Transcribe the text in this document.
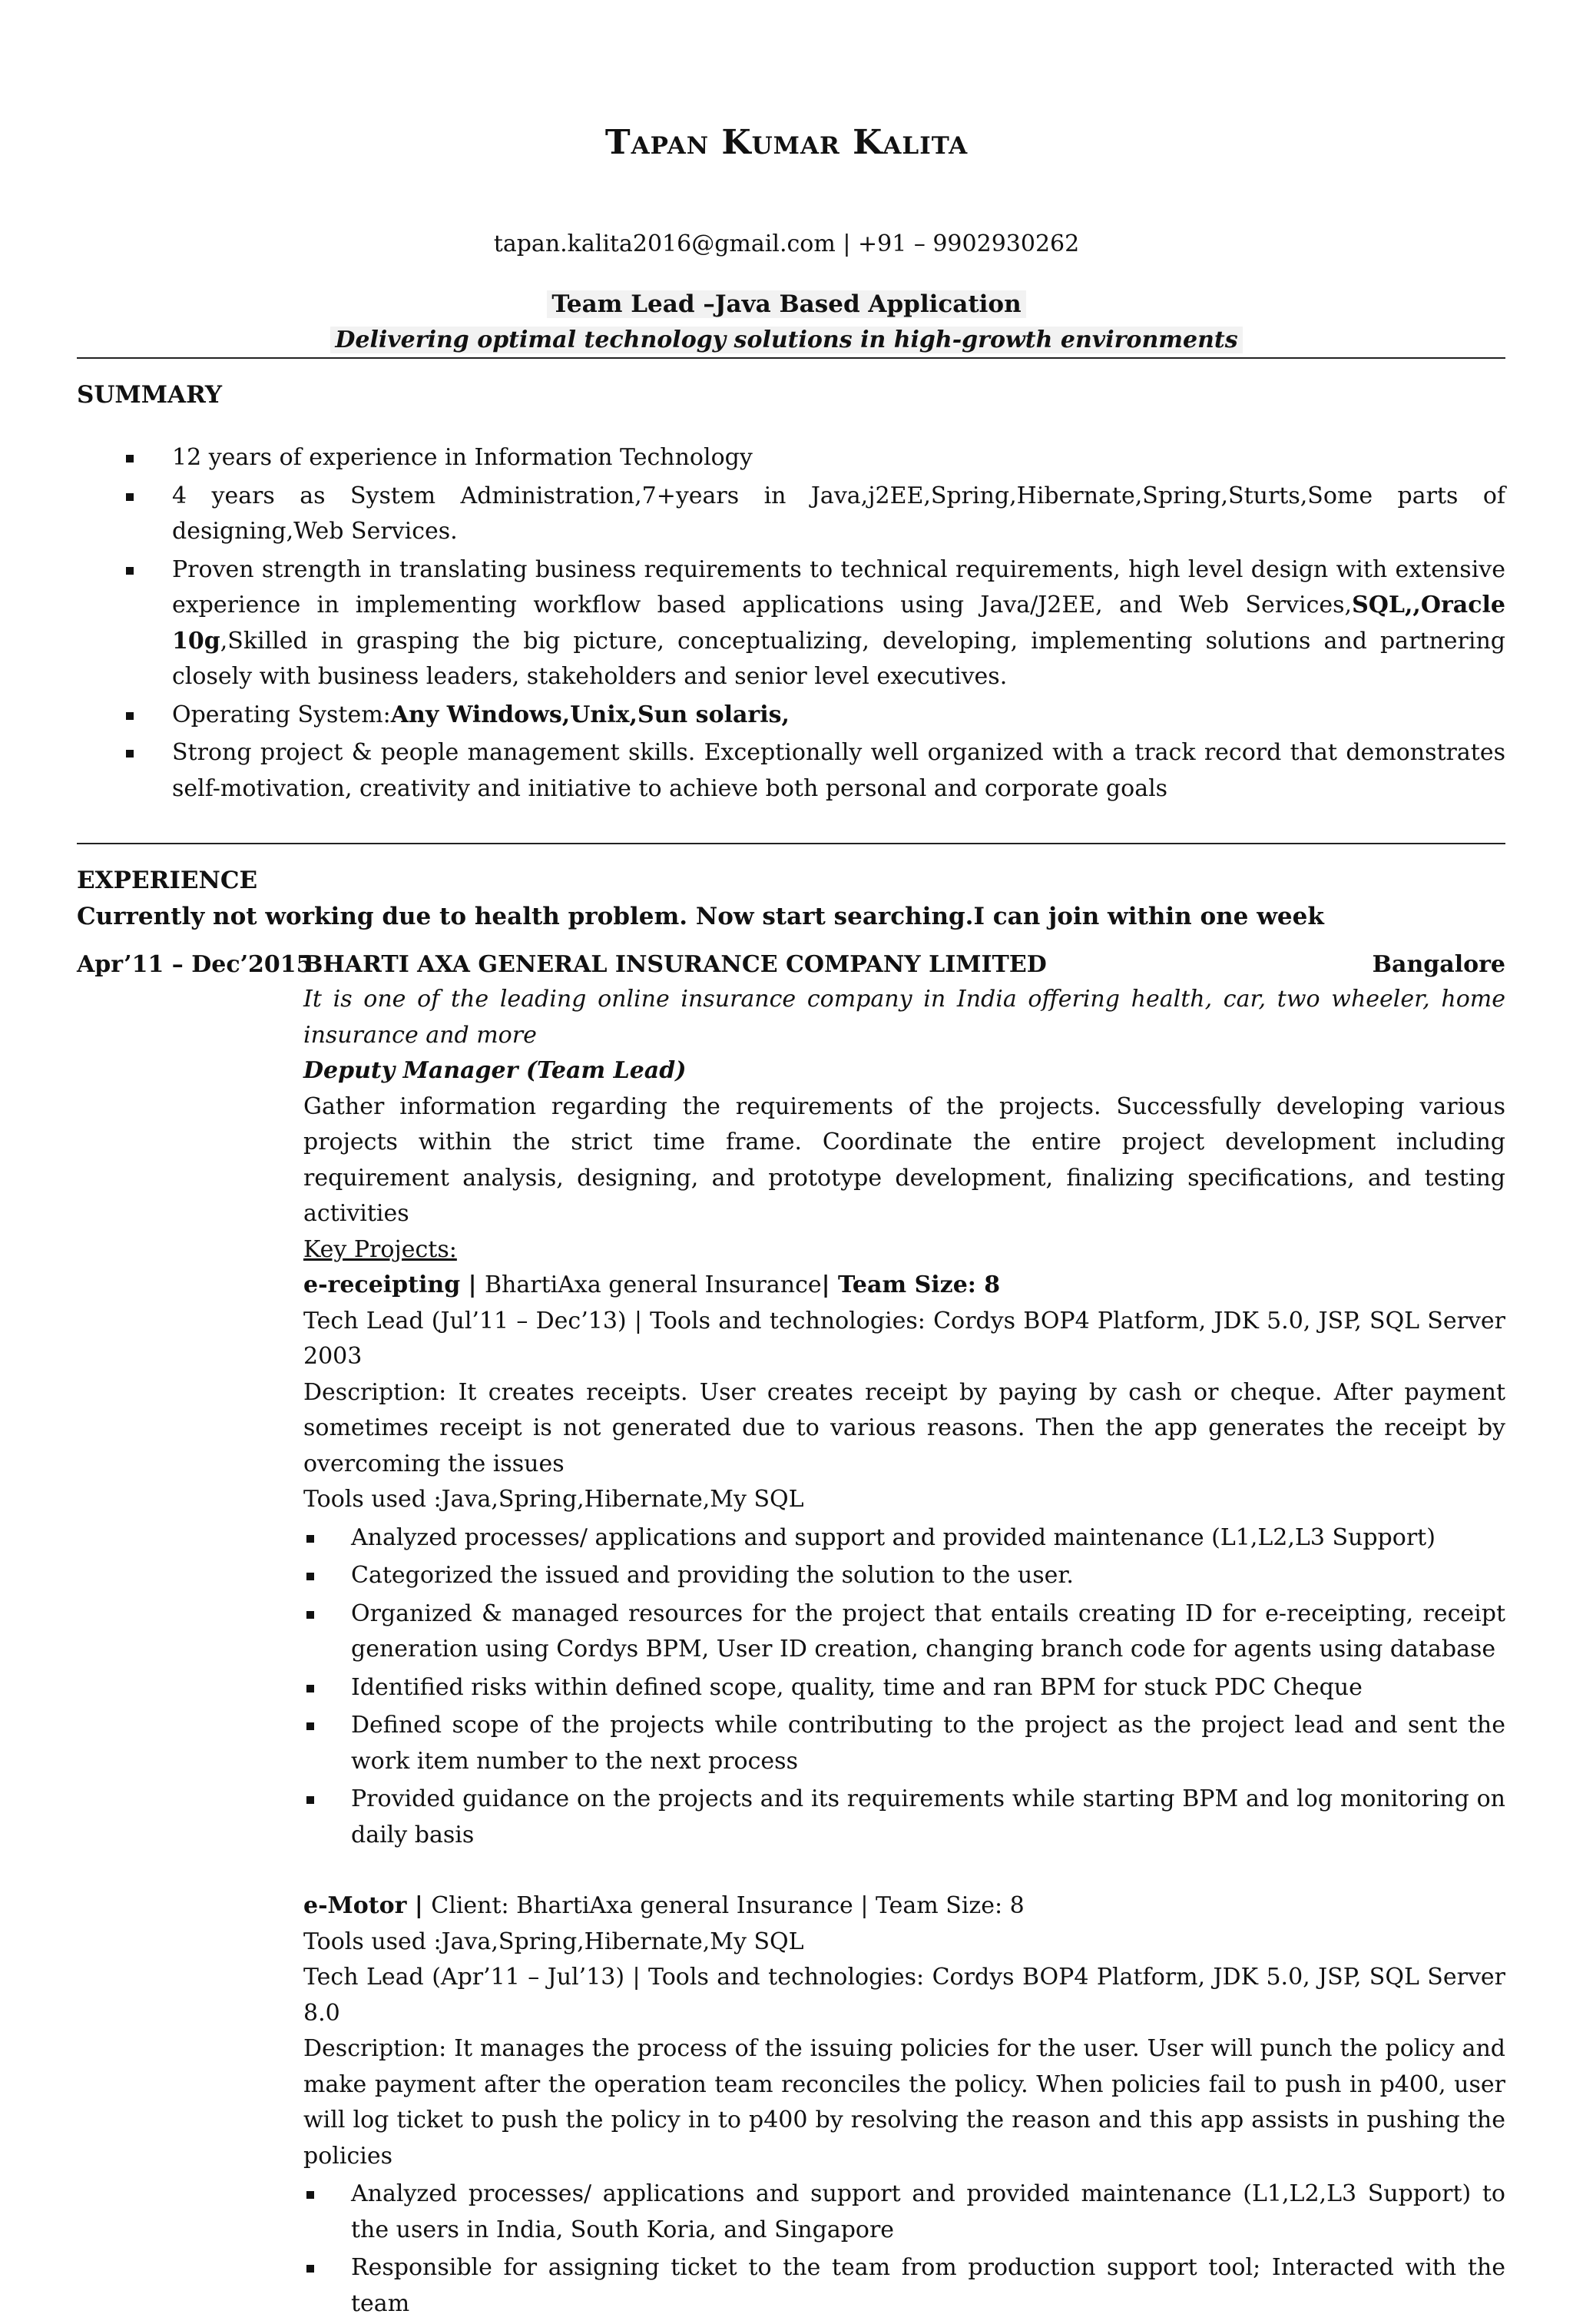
Tapan Kumar Kalita
tapan.kalita2016@gmail.com | +91 – 9902930262
Team Lead –Java Based Application
Delivering optimal technology solutions in high-growth environments
SUMMARY
12 years of experience in Information Technology
4 years as System Administration,7+years in Java,j2EE,Spring,Hibernate,Spring,Sturts,Some parts of designing,Web Services.
Proven strength in translating business requirements to technical requirements, high level design with extensive experience in implementing workflow based applications using Java/J2EE, and Web Services,SQL,,Oracle 10g,Skilled in grasping the big picture, conceptualizing, developing, implementing solutions and partnering closely with business leaders, stakeholders and senior level executives.
Operating System:Any Windows,Unix,Sun solaris,
Strong project & people management skills. Exceptionally well organized with a track record that demonstrates self-motivation, creativity and initiative to achieve both personal and corporate goals
EXPERIENCE
Currently not working due to health problem. Now start searching.I can join within one week
Apr’11 – Dec’2015
BHARTI AXA GENERAL INSURANCE COMPANY LIMITED	Bangalore
It is one of the leading online insurance company in India offering health, car, two wheeler, home insurance and more
Deputy Manager (Team Lead)
Gather information regarding the requirements of the projects. Successfully developing various projects within the strict time frame. Coordinate the entire project development including requirement analysis, designing, and prototype development, finalizing specifications, and testing activities
Key Projects:
e-receipting | BhartiAxa general Insurance| Team Size: 8
Tech Lead (Jul’11 – Dec’13) | Tools and technologies: Cordys BOP4 Platform, JDK 5.0, JSP, SQL Server 2003
Description: It creates receipts. User creates receipt by paying by cash or cheque. After payment sometimes receipt is not generated due to various reasons. Then the app generates the receipt by overcoming the issues
Tools used :Java,Spring,Hibernate,My SQL
Analyzed processes/ applications and support and provided maintenance (L1,L2,L3 Support)
Categorized the issued and providing the solution to the user.
Organized & managed resources for the project that entails creating ID for e-receipting, receipt generation using Cordys BPM, User ID creation, changing branch code for agents using database
Identified risks within defined scope, quality, time and ran BPM for stuck PDC Cheque
Defined scope of the projects while contributing to the project as the project lead and sent the work item number to the next process
Provided guidance on the projects and its requirements while starting BPM and log monitoring on daily basis
e-Motor | Client: BhartiAxa general Insurance | Team Size: 8
Tools used :Java,Spring,Hibernate,My SQL
Tech Lead (Apr’11 – Jul’13) | Tools and technologies: Cordys BOP4 Platform, JDK 5.0, JSP, SQL Server 8.0
Description: It manages the process of the issuing policies for the user. User will punch the policy and make payment after the operation team reconciles the policy. When policies fail to push in p400, user will log ticket to push the policy in to p400 by resolving the reason and this app assists in pushing the policies
Analyzed processes/ applications and support and provided maintenance (L1,L2,L3 Support) to the users in India, South Koria, and Singapore
Responsible for assigning ticket to the team from production support tool; Interacted with the team
